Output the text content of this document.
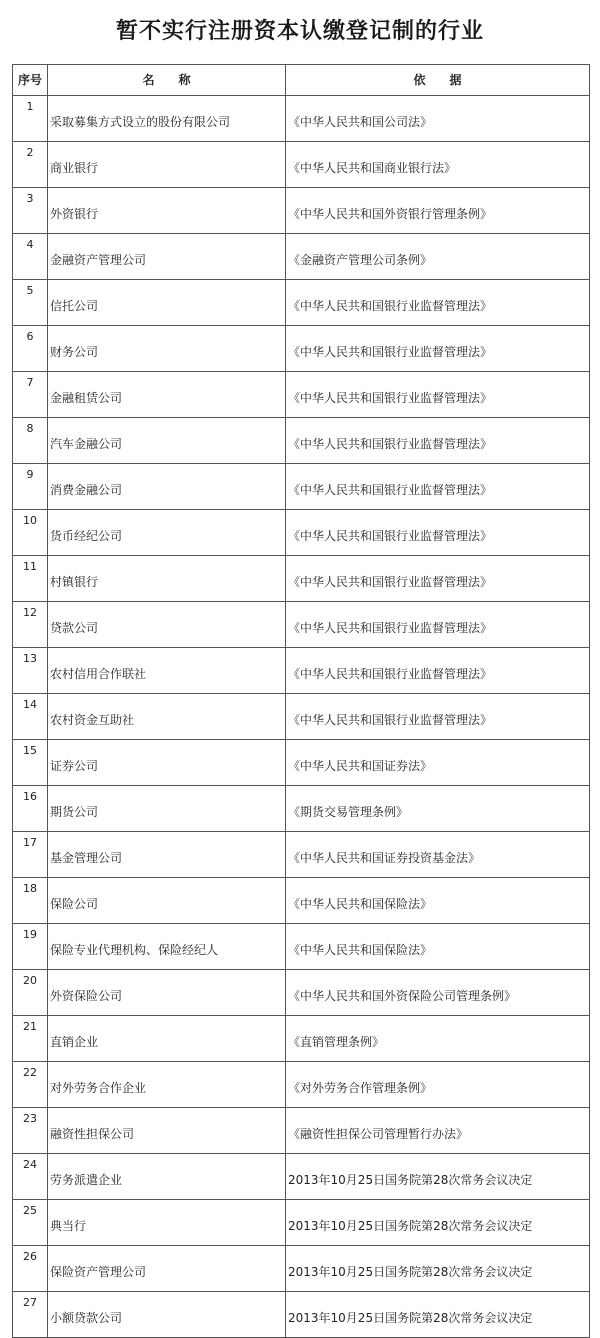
暂不实行注册资本认缴登记制的行业
序号	名　　称	依　　据
1	采取募集方式设立的股份有限公司	《中华人民共和国公司法》
2	商业银行	《中华人民共和国商业银行法》
3	外资银行	《中华人民共和国外资银行管理条例》
4	金融资产管理公司	《金融资产管理公司条例》
5	信托公司	《中华人民共和国银行业监督管理法》
6	财务公司	《中华人民共和国银行业监督管理法》
7	金融租赁公司	《中华人民共和国银行业监督管理法》
8	汽车金融公司	《中华人民共和国银行业监督管理法》
9	消费金融公司	《中华人民共和国银行业监督管理法》
10	货币经纪公司	《中华人民共和国银行业监督管理法》
11	村镇银行	《中华人民共和国银行业监督管理法》
12	贷款公司	《中华人民共和国银行业监督管理法》
13	农村信用合作联社	《中华人民共和国银行业监督管理法》
14	农村资金互助社	《中华人民共和国银行业监督管理法》
15	证券公司	《中华人民共和国证券法》
16	期货公司	《期货交易管理条例》
17	基金管理公司	《中华人民共和国证券投资基金法》
18	保险公司	《中华人民共和国保险法》
19	保险专业代理机构、保险经纪人	《中华人民共和国保险法》
20	外资保险公司	《中华人民共和国外资保险公司管理条例》
21	直销企业	《直销管理条例》
22	对外劳务合作企业	《对外劳务合作管理条例》
23	融资性担保公司	《融资性担保公司管理暂行办法》
24	劳务派遣企业	2013年10月25日国务院第28次常务会议决定
25	典当行	2013年10月25日国务院第28次常务会议决定
26	保险资产管理公司	2013年10月25日国务院第28次常务会议决定
27	小额贷款公司	2013年10月25日国务院第28次常务会议决定
